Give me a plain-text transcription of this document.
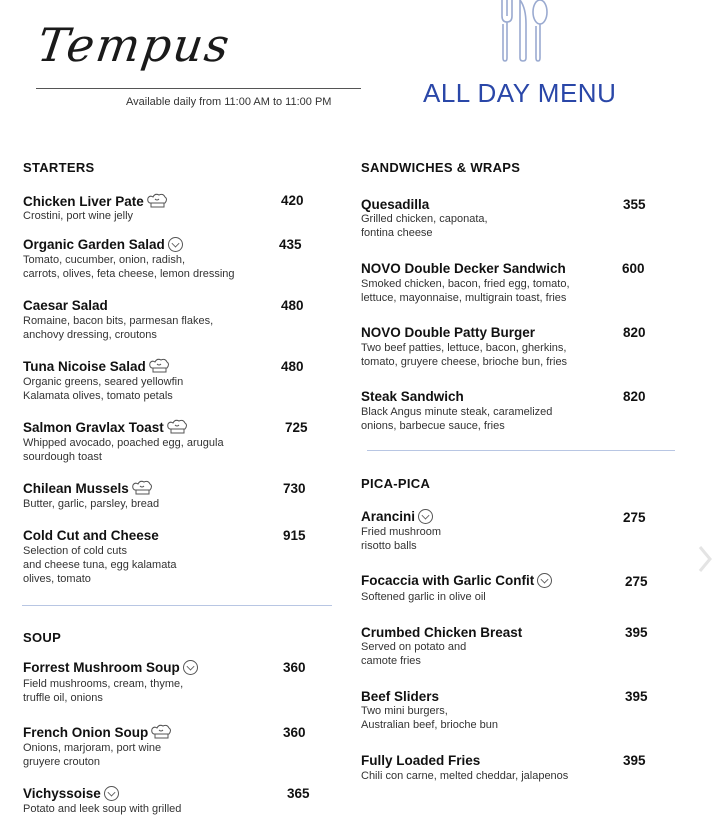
Tempus
Available daily from 11:00 AM to 11:00 PM	ALL DAY MENU
STARTERS
Chicken Liver Pate	420
Crostini, port wine jelly
Organic Garden Salad	435
Tomato, cucumber, onion, radish,
carrots, olives, feta cheese, lemon dressing
Caesar Salad	480
Romaine, bacon bits, parmesan flakes,
anchovy dressing, croutons
Tuna Nicoise Salad	480
Organic greens, seared yellowfin
Kalamata olives, tomato petals
Salmon Gravlax Toast	725
Whipped avocado, poached egg, arugula
sourdough toast
Chilean Mussels	730
Butter, garlic, parsley, bread
Cold Cut and Cheese	915
Selection of cold cuts
and cheese tuna, egg kalamata
olives, tomato
SOUP
Forrest Mushroom Soup	360
Field mushrooms, cream, thyme,
truffle oil, onions
French Onion Soup	360
Onions, marjoram, port wine
gruyere crouton
Vichyssoise	365
Potato and leek soup with grilled
SANDWICHES & WRAPS
Quesadilla	355
Grilled chicken, caponata,
fontina cheese
NOVO Double Decker Sandwich	600
Smoked chicken, bacon, fried egg, tomato,
lettuce, mayonnaise, multigrain toast, fries
NOVO Double Patty Burger	820
Two beef patties, lettuce, bacon, gherkins,
tomato, gruyere cheese, brioche bun, fries
Steak Sandwich	820
Black Angus minute steak, caramelized
onions, barbecue sauce, fries
PICA-PICA
Arancini	275
Fried mushroom
risotto balls
Focaccia with Garlic Confit	275
Softened garlic in olive oil
Crumbed Chicken Breast	395
Served on potato and
camote fries
Beef Sliders	395
Two mini burgers,
Australian beef, brioche bun
Fully Loaded Fries	395
Chili con carne, melted cheddar, jalapenos
